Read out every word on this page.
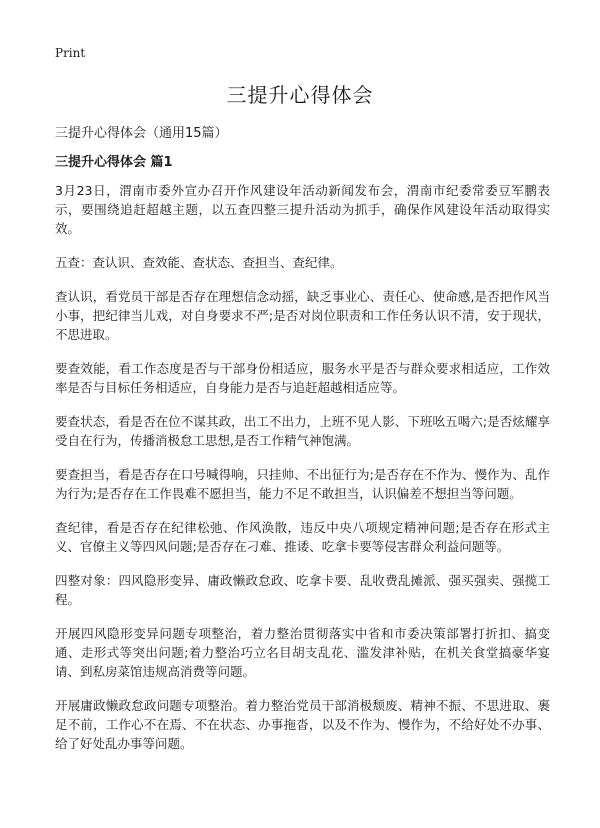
Print
三提升心得体会
三提升心得体会（通用15篇）
三提升心得体会 篇1

3月23日，渭南市委外宣办召开作风建设年活动新闻发布会，渭南市纪委常委豆军鹏表示，要围绕追赶超越主题，以五查四整三提升活动为抓手，确保作风建设年活动取得实效。

五查：查认识、查效能、查状态、查担当、查纪律。

查认识，看党员干部是否存在理想信念动摇，缺乏事业心、责任心、使命感,是否把作风当小事，把纪律当儿戏，对自身要求不严;是否对岗位职责和工作任务认识不清，安于现状，不思进取。

要查效能，看工作态度是否与干部身份相适应，服务水平是否与群众要求相适应，工作效率是否与目标任务相适应，自身能力是否与追赶超越相适应等。

要查状态，看是否在位不谋其政，出工不出力，上班不见人影、下班吆五喝六;是否炫耀享受自在行为，传播消极怠工思想,是否工作精气神饱满。

要查担当，看是否存在口号喊得响，只挂帅、不出征行为;是否存在不作为、慢作为、乱作为行为;是否存在工作畏难不愿担当，能力不足不敢担当，认识偏差不想担当等问题。

查纪律，看是否存在纪律松弛、作风涣散，违反中央八项规定精神问题;是否存在形式主义、官僚主义等四风问题;是否存在刁难、推诿、吃拿卡要等侵害群众利益问题等。

四整对象：四风隐形变异、庸政懒政怠政、吃拿卡要、乱收费乱摊派、强买强卖、强揽工程。

开展四风隐形变异问题专项整治，着力整治贯彻落实中省和市委决策部署打折扣、搞变通、走形式等突出问题;着力整治巧立名目胡支乱花、滥发津补贴，在机关食堂搞豪华宴请、到私房菜馆违规高消费等问题。

开展庸政懒政怠政问题专项整治。着力整治党员干部消极颓废、精神不振、不思进取、裹足不前，工作心不在焉、不在状态、办事拖沓，以及不作为、慢作为，不给好处不办事、给了好处乱办事等问题。
